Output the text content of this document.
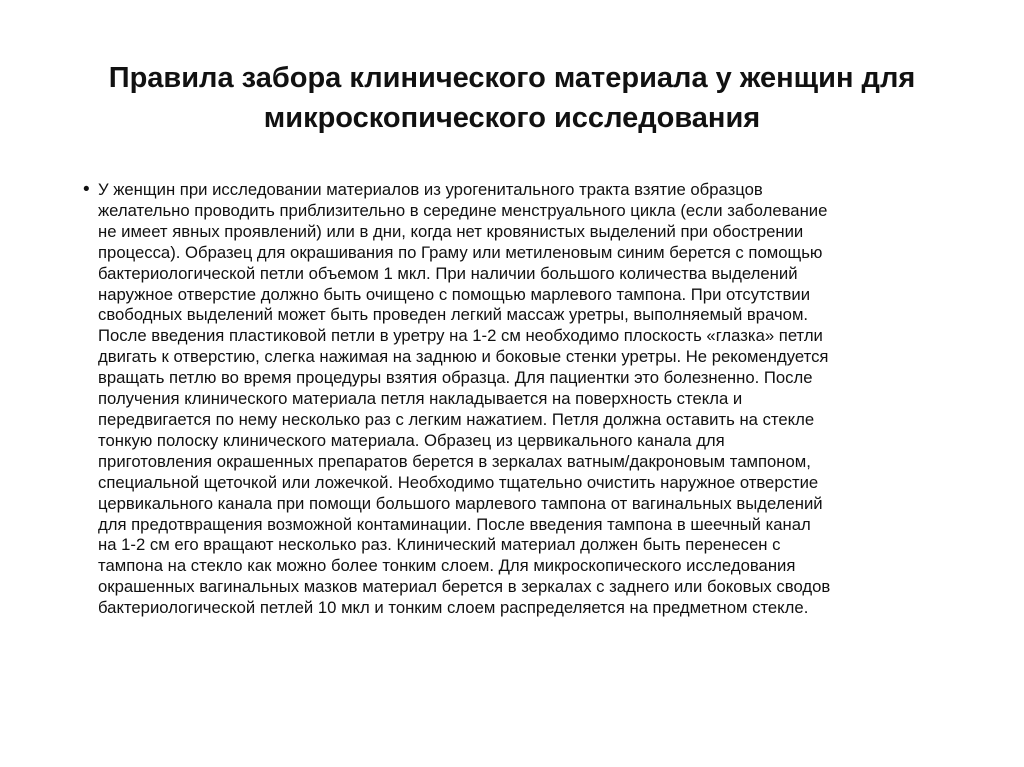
Правила забора клинического материала у женщин для
микроскопического исследования
• У женщин при исследовании материалов из урогенитального тракта взятие образцов
желательно проводить приблизительно в середине менструального цикла (если заболевание
не имеет явных проявлений) или в дни, когда нет кровянистых выделений при обострении
процесса). Образец для окрашивания по Граму или метиленовым синим берется с помощью
бактериологической петли объемом 1 мкл. При наличии большого количества выделений
наружное отверстие должно быть очищено с помощью марлевого тампона. При отсутствии
свободных выделений может быть проведен легкий массаж уретры, выполняемый врачом.
После введения пластиковой петли в уретру на 1-2 см необходимо плоскость «глазка» петли
двигать к отверстию, слегка нажимая на заднюю и боковые стенки уретры. Не рекомендуется
вращать петлю во время процедуры взятия образца. Для пациентки это болезненно. После
получения клинического материала петля накладывается на поверхность стекла и
передвигается по нему несколько раз с легким нажатием. Петля должна оставить на стекле
тонкую полоску клинического материала. Образец из цервикального канала для
приготовления окрашенных препаратов берется в зеркалах ватным/дакроновым тампоном,
специальной щеточкой или ложечкой. Необходимо тщательно очистить наружное отверстие
цервикального канала при помощи большого марлевого тампона от вагинальных выделений
для предотвращения возможной контаминации. После введения тампона в шеечный канал
на 1-2 см его вращают несколько раз. Клинический материал должен быть перенесен с
тампона на стекло как можно более тонким слоем. Для микроскопического исследования
окрашенных вагинальных мазков материал берется в зеркалах с заднего или боковых сводов
бактериологической петлей 10 мкл и тонким слоем распределяется на предметном стекле.
